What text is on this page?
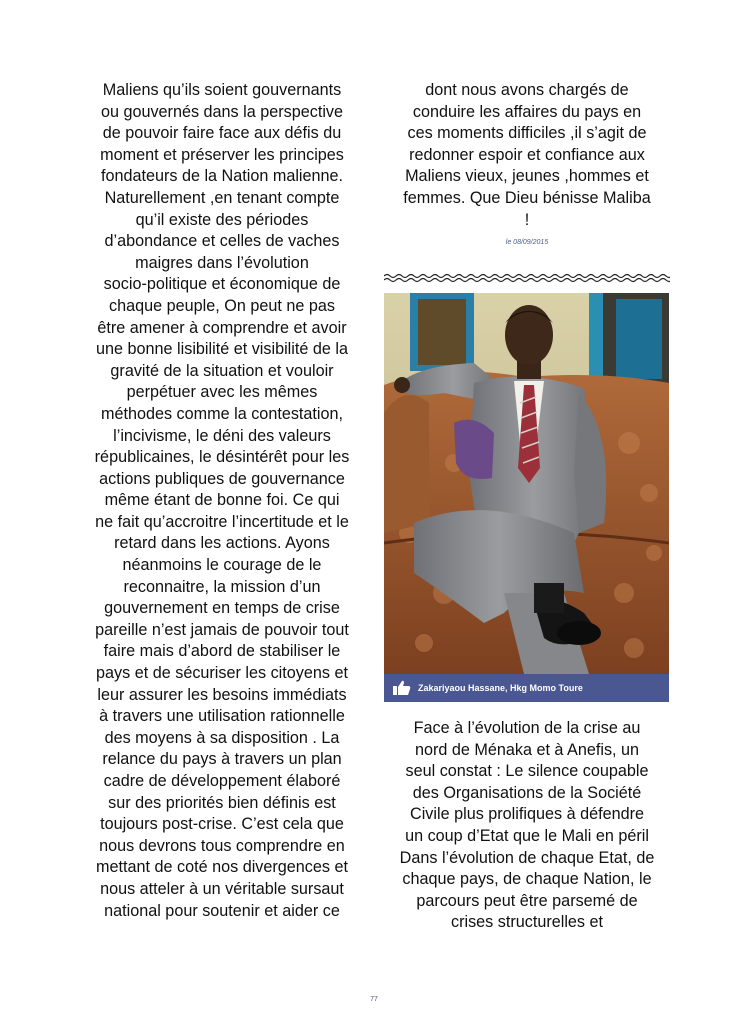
Maliens qu’ils soient gouvernants
ou gouvernés dans la perspective
de pouvoir faire face aux défis du
moment et préserver les principes
fondateurs de la Nation malienne.
Naturellement ,en tenant compte
qu’il existe des périodes
d’abondance et celles de vaches
maigres dans l’évolution
socio-politique et économique de
chaque peuple, On peut ne pas
être amener à comprendre et avoir
une bonne lisibilité et visibilité de la
gravité de la situation et vouloir
perpétuer avec les mêmes
méthodes comme la contestation,
l’incivisme, le déni des valeurs
républicaines, le désintérêt pour les
actions publiques de gouvernance
même étant de bonne foi. Ce qui
ne fait qu’accroitre l’incertitude et le
retard dans les actions. Ayons
néanmoins le courage de le
reconnaitre, la mission d’un
gouvernement en temps de crise
pareille n’est jamais de pouvoir tout
faire mais d’abord de stabiliser le
pays et de sécuriser les citoyens et
leur assurer les besoins immédiats
à travers une utilisation rationnelle
des moyens à sa disposition . La
relance du pays à travers un plan
cadre de développement élaboré
sur des priorités bien définis est
toujours post-crise. C’est cela que
nous devrons tous comprendre en
mettant de coté nos divergences et
nous atteler à un véritable sursaut
national pour soutenir et aider ce
dont nous avons chargés de
conduire les affaires du pays en
ces moments difficiles ,il s’agit de
redonner espoir et confiance aux
Maliens vieux, jeunes ,hommes et
femmes. Que Dieu bénisse Maliba
!
le 08/09/2015
Zakariyaou Hassane, Hkg Momo Toure
Face à l’évolution de la crise au
nord de Ménaka et à Anefis, un
seul constat : Le silence coupable
des Organisations de la Société
Civile plus prolifiques à défendre
un coup d’Etat que le Mali en péril
Dans l’évolution de chaque Etat, de
chaque pays, de chaque Nation, le
parcours peut être parsemé de
crises structurelles et
77
